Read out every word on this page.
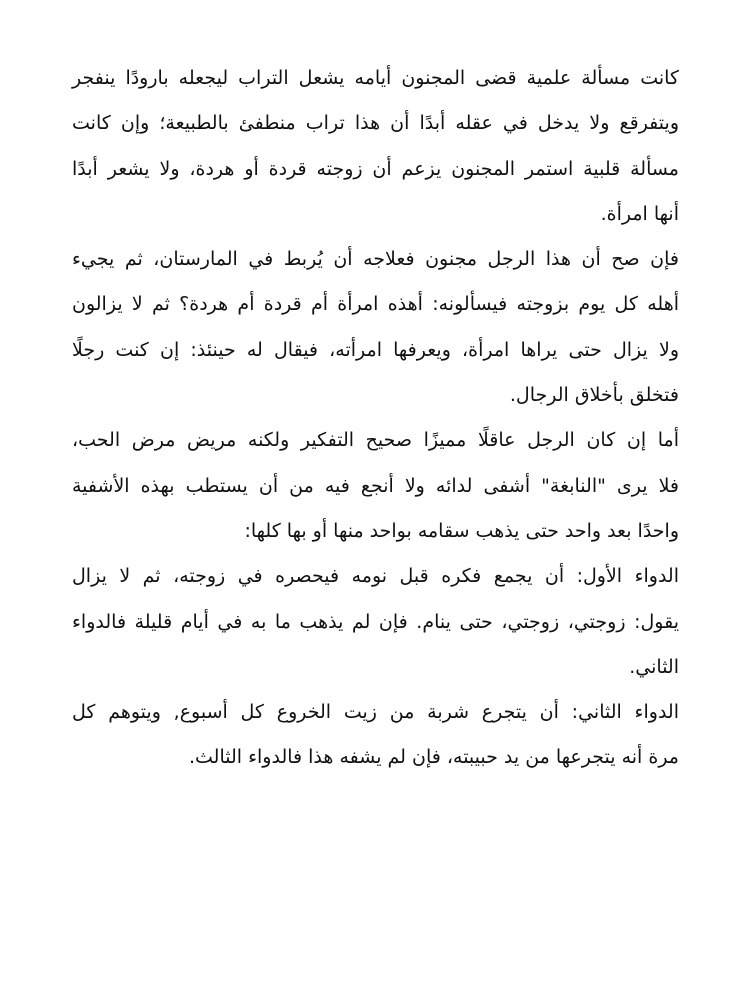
كانت مسألة علمية قضى المجنون أيامه يشعل التراب ليجعله بارودًا ينفجر
ويتفرقع ولا يدخل في عقله أبدًا أن هذا تراب منطفئ بالطبيعة؛ وإن كانت
مسألة قلبية استمر المجنون يزعم أن زوجته قردة أو هردة، ولا يشعر أبدًا
أنها امرأة.
فإن صح أن هذا الرجل مجنون فعلاجه أن يُربط في المارستان، ثم يجيء
أهله كل يوم بزوجته فيسألونه: أهذه امرأة أم قردة أم هردة؟ ثم لا يزالون
ولا يزال حتى يراها امرأة، ويعرفها امرأته، فيقال له حينئذ: إن كنت رجلًا
فتخلق بأخلاق الرجال.
أما إن كان الرجل عاقلًا مميزًا صحيح التفكير ولكنه مريض مرض الحب،
فلا يرى "النابغة" أشفى لدائه ولا أنجع فيه من أن يستطب بهذه الأشفية
واحدًا بعد واحد حتى يذهب سقامه بواحد منها أو بها كلها:
الدواء الأول: أن يجمع فكره قبل نومه فيحصره في زوجته، ثم لا يزال
يقول: زوجتي، زوجتي، حتى ينام. فإن لم يذهب ما به في أيام قليلة فالدواء
الثاني.
الدواء الثاني: أن يتجرع شربة من زيت الخروع كل أسبوع, ويتوهم كل
مرة أنه يتجرعها من يد حبيبته، فإن لم يشفه هذا فالدواء الثالث.
